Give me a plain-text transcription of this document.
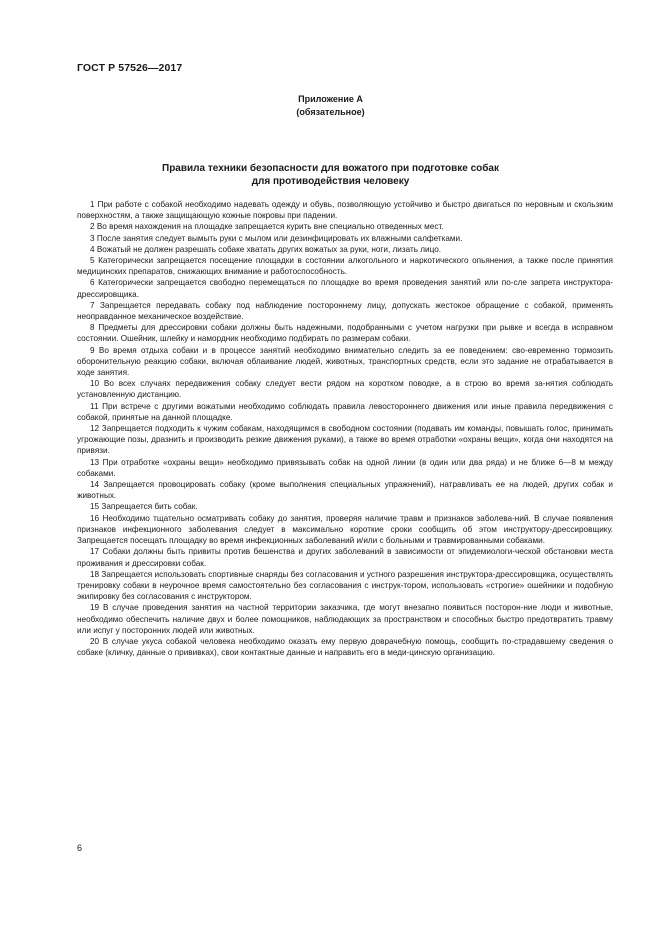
ГОСТ Р 57526—2017
Приложение А
(обязательное)
Правила техники безопасности для вожатого при подготовке собак
для противодействия человеку

1 При работе с собакой необходимо надевать одежду и обувь, позволяющую устойчиво и быстро двигаться по неровным и скользким поверхностям, а также защищающую кожные покровы при падении.

2 Во время нахождения на площадке запрещается курить вне специально отведенных мест.

3 После занятия следует вымыть руки с мылом или дезинфицировать их влажными салфетками.

4 Вожатый не должен разрешать собаке хватать других вожатых за руки, ноги, лизать лицо.

5 Категорически запрещается посещение площадки в состоянии алкогольного и наркотического опьянения, а также после принятия медицинских препаратов, снижающих внимание и работоспособность.

6 Категорически запрещается свободно перемещаться по площадке во время проведения занятий или по-сле запрета инструктора-дрессировщика.

7 Запрещается передавать собаку под наблюдение постороннему лицу, допускать жестокое обращение с собакой, применять неоправданное механическое воздействие.

8 Предметы для дрессировки собаки должны быть надежными, подобранными с учетом нагрузки при рывке и всегда в исправном состоянии. Ошейник, шлейку и намордник необходимо подбирать по размерам собаки.

9 Во время отдыха собаки и в процессе занятий необходимо внимательно следить за ее поведением: сво-евременно тормозить оборонительную реакцию собаки, включая облаивание людей, животных, транспортных средств, если это задание не отрабатывается в ходе занятия.

10 Во всех случаях передвижения собаку следует вести рядом на коротком поводке, а в строю во время за-нятия соблюдать установленную дистанцию.

11 При встрече с другими вожатыми необходимо соблюдать правила левостороннего движения или иные правила передвижения с собакой, принятые на данной площадке.

12 Запрещается подходить к чужим собакам, находящимся в свободном состоянии (подавать им команды, повышать голос, принимать угрожающие позы, дразнить и производить резкие движения руками), а также во время отработки «охраны вещи», когда они находятся на привязи.

13 При отработке «охраны вещи» необходимо привязывать собак на одной линии (в один или два ряда) и не ближе 6—8 м между собаками.

14 Запрещается провоцировать собаку (кроме выполнения специальных упражнений), натравливать ее на людей, других собак и животных.

15 Запрещается бить собак.

16 Необходимо тщательно осматривать собаку до занятия, проверяя наличие травм и признаков заболева-ний. В случае появления признаков инфекционного заболевания следует в максимально короткие сроки сообщить об этом инструктору-дрессировщику. Запрещается посещать площадку во время инфекционных заболеваний и/или с больными и травмированными собаками.

17 Собаки должны быть привиты против бешенства и других заболеваний в зависимости от эпидемиологи-ческой обстановки места проживания и дрессировки собак.

18 Запрещается использовать спортивные снаряды без согласования и устного разрешения инструктора-дрессировщика, осуществлять тренировку собаки в неурочное время самостоятельно без согласования с инструк-тором, использовать «строгие» ошейники и подобную экипировку без согласования с инструктором.

19 В случае проведения занятия на частной территории заказчика, где могут внезапно появиться посторон-ние люди и животные, необходимо обеспечить наличие двух и более помощников, наблюдающих за пространством и способных быстро предотвратить травму или испуг у посторонних людей или животных.

20 В случае укуса собакой человека необходимо оказать ему первую доврачебную помощь, сообщить по-страдавшему сведения о собаке (кличку, данные о прививках), свои контактные данные и направить его в меди-цинскую организацию.

6
